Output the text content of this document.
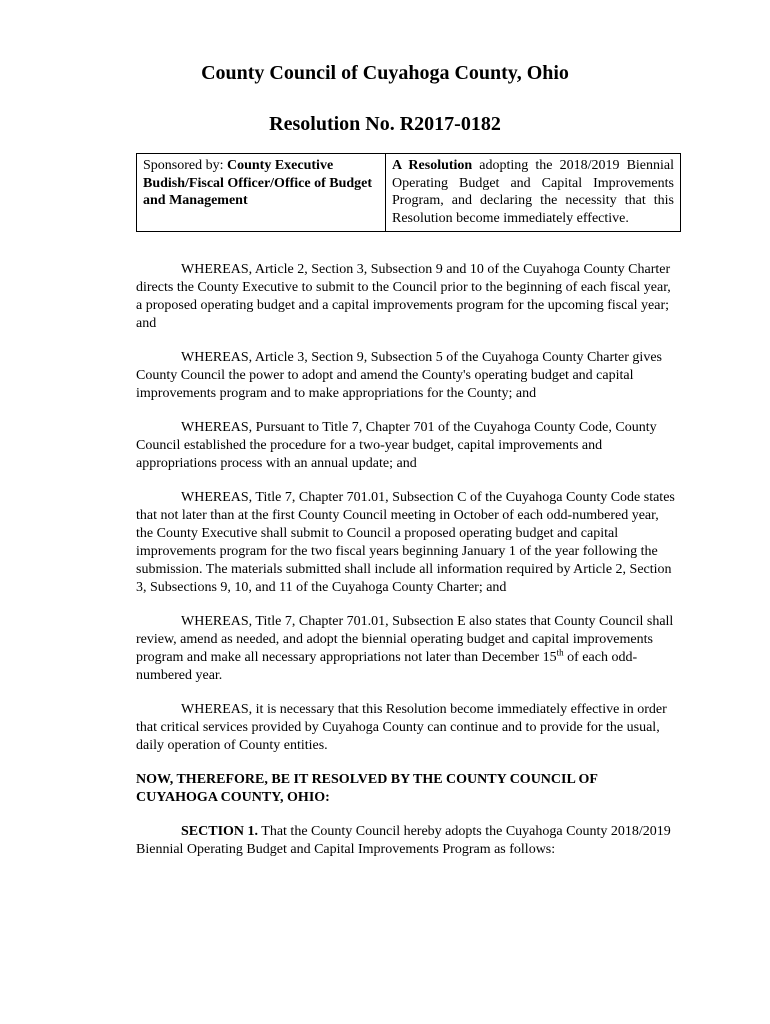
County Council of Cuyahoga County, Ohio
Resolution No. R2017-0182
Sponsored by: County Executive Budish/Fiscal Officer/Office of Budget and Management	A Resolution adopting the 2018/2019 Biennial Operating Budget and Capital Improvements Program, and declaring the necessity that this Resolution become immediately effective.

WHEREAS, Article 2, Section 3, Subsection 9 and 10 of the Cuyahoga County Charter directs the County Executive to submit to the Council prior to the beginning of each fiscal year, a proposed operating budget and a capital improvements program for the upcoming fiscal year; and

WHEREAS, Article 3, Section 9, Subsection 5 of the Cuyahoga County Charter gives County Council the power to adopt and amend the County's operating budget and capital improvements program and to make appropriations for the County; and

WHEREAS, Pursuant to Title 7, Chapter 701 of the Cuyahoga County Code, County Council established the procedure for a two-year budget, capital improvements and appropriations process with an annual update; and

WHEREAS, Title 7, Chapter 701.01, Subsection C of the Cuyahoga County Code states that not later than at the first County Council meeting in October of each odd-numbered year, the County Executive shall submit to Council a proposed operating budget and capital improvements program for the two fiscal years beginning January 1 of the year following the submission. The materials submitted shall include all information required by Article 2, Section 3, Subsections 9, 10, and 11 of the Cuyahoga County Charter; and

WHEREAS, Title 7, Chapter 701.01, Subsection E also states that County Council shall review, amend as needed, and adopt the biennial operating budget and capital improvements program and make all necessary appropriations not later than December 15th of each odd-numbered year.

WHEREAS, it is necessary that this Resolution become immediately effective in order that critical services provided by Cuyahoga County can continue and to provide for the usual, daily operation of County entities.

NOW, THEREFORE, BE IT RESOLVED BY THE COUNTY COUNCIL OF CUYAHOGA COUNTY, OHIO:

SECTION 1. That the County Council hereby adopts the Cuyahoga County 2018/2019 Biennial Operating Budget and Capital Improvements Program as follows:
